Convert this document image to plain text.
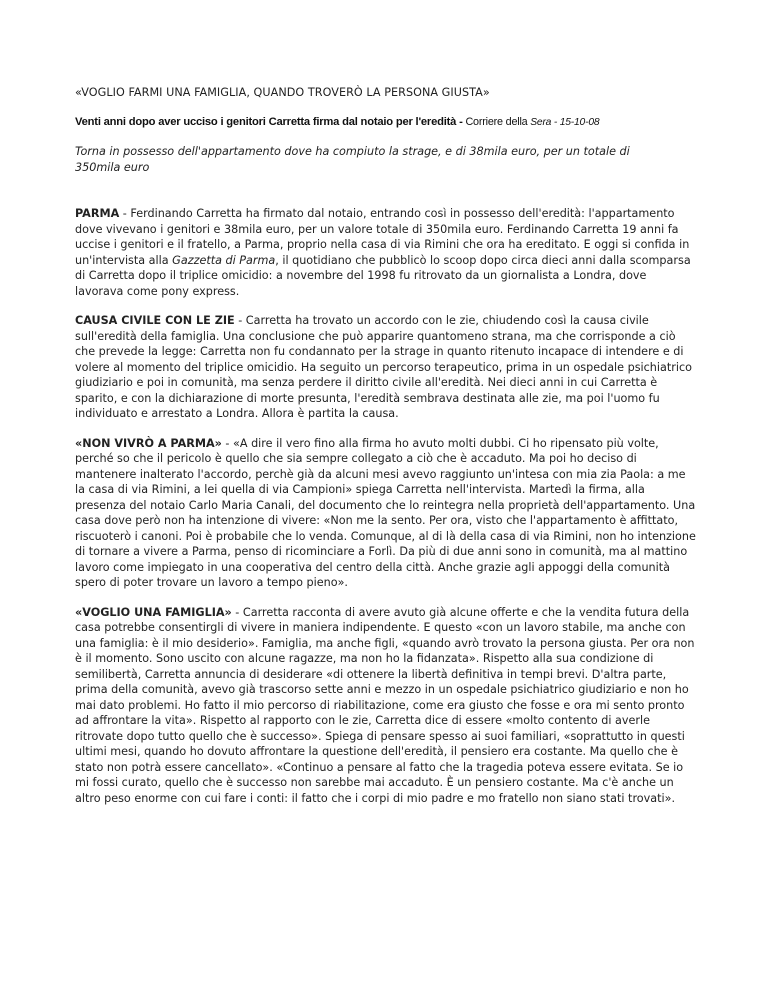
«VOGLIO FARMI UNA FAMIGLIA, QUANDO TROVERÒ LA PERSONA GIUSTA»
Venti anni dopo aver ucciso i genitori Carretta firma dal notaio per l'eredità - Corriere della Sera - 15-10-08

Torna in possesso dell'appartamento dove ha compiuto la strage, e di 38mila euro, per un totale di 350mila euro

PARMA - Ferdinando Carretta ha firmato dal notaio, entrando così in possesso dell'eredità: l'appartamento dove vivevano i genitori e 38mila euro, per un valore totale di 350mila euro. Ferdinando Carretta 19 anni fa uccise i genitori e il fratello, a Parma, proprio nella casa di via Rimini che ora ha ereditato. E oggi si confida in un'intervista alla Gazzetta di Parma, il quotidiano che pubblicò lo scoop dopo circa dieci anni dalla scomparsa di Carretta dopo il triplice omicidio: a novembre del 1998 fu ritrovato da un giornalista a Londra, dove lavorava come pony express.

CAUSA CIVILE CON LE ZIE - Carretta ha trovato un accordo con le zie, chiudendo così la causa civile sull'eredità della famiglia. Una conclusione che può apparire quantomeno strana, ma che corrisponde a ciò che prevede la legge: Carretta non fu condannato per la strage in quanto ritenuto incapace di intendere e di volere al momento del triplice omicidio. Ha seguito un percorso terapeutico, prima in un ospedale psichiatrico giudiziario e poi in comunità, ma senza perdere il diritto civile all'eredità. Nei dieci anni in cui Carretta è sparito, e con la dichiarazione di morte presunta, l'eredità sembrava destinata alle zie, ma poi l'uomo fu individuato e arrestato a Londra. Allora è partita la causa.

«NON VIVRÒ A PARMA» - «A dire il vero fino alla firma ho avuto molti dubbi. Ci ho ripensato più volte, perché so che il pericolo è quello che sia sempre collegato a ciò che è accaduto. Ma poi ho deciso di mantenere inalterato l'accordo, perchè già da alcuni mesi avevo raggiunto un'intesa con mia zia Paola: a me la casa di via Rimini, a lei quella di via Campioni» spiega Carretta nell'intervista. Martedì la firma, alla presenza del notaio Carlo Maria Canali, del documento che lo reintegra nella proprietà dell'appartamento. Una casa dove però non ha intenzione di vivere: «Non me la sento. Per ora, visto che l'appartamento è affittato, riscuoterò i canoni. Poi è probabile che lo venda. Comunque, al di là della casa di via Rimini, non ho intenzione di tornare a vivere a Parma, penso di ricominciare a Forlì. Da più di due anni sono in comunità, ma al mattino lavoro come impiegato in una cooperativa del centro della città. Anche grazie agli appoggi della comunità spero di poter trovare un lavoro a tempo pieno».

«VOGLIO UNA FAMIGLIA» - Carretta racconta di avere avuto già alcune offerte e che la vendita futura della casa potrebbe consentirgli di vivere in maniera indipendente. E questo «con un lavoro stabile, ma anche con una famiglia: è il mio desiderio». Famiglia, ma anche figli, «quando avrò trovato la persona giusta. Per ora non è il momento. Sono uscito con alcune ragazze, ma non ho la fidanzata». Rispetto alla sua condizione di semilibertà, Carretta annuncia di desiderare «di ottenere la libertà definitiva in tempi brevi. D'altra parte, prima della comunità, avevo già trascorso sette anni e mezzo in un ospedale psichiatrico giudiziario e non ho mai dato problemi. Ho fatto il mio percorso di riabilitazione, come era giusto che fosse e ora mi sento pronto ad affrontare la vita». Rispetto al rapporto con le zie, Carretta dice di essere «molto contento di averle ritrovate dopo tutto quello che è successo». Spiega di pensare spesso ai suoi familiari, «soprattutto in questi ultimi mesi, quando ho dovuto affrontare la questione dell'eredità, il pensiero era costante. Ma quello che è stato non potrà essere cancellato». «Continuo a pensare al fatto che la tragedia poteva essere evitata. Se io mi fossi curato, quello che è successo non sarebbe mai accaduto. È un pensiero costante. Ma c'è anche un altro peso enorme con cui fare i conti: il fatto che i corpi di mio padre e mo fratello non siano stati trovati».
